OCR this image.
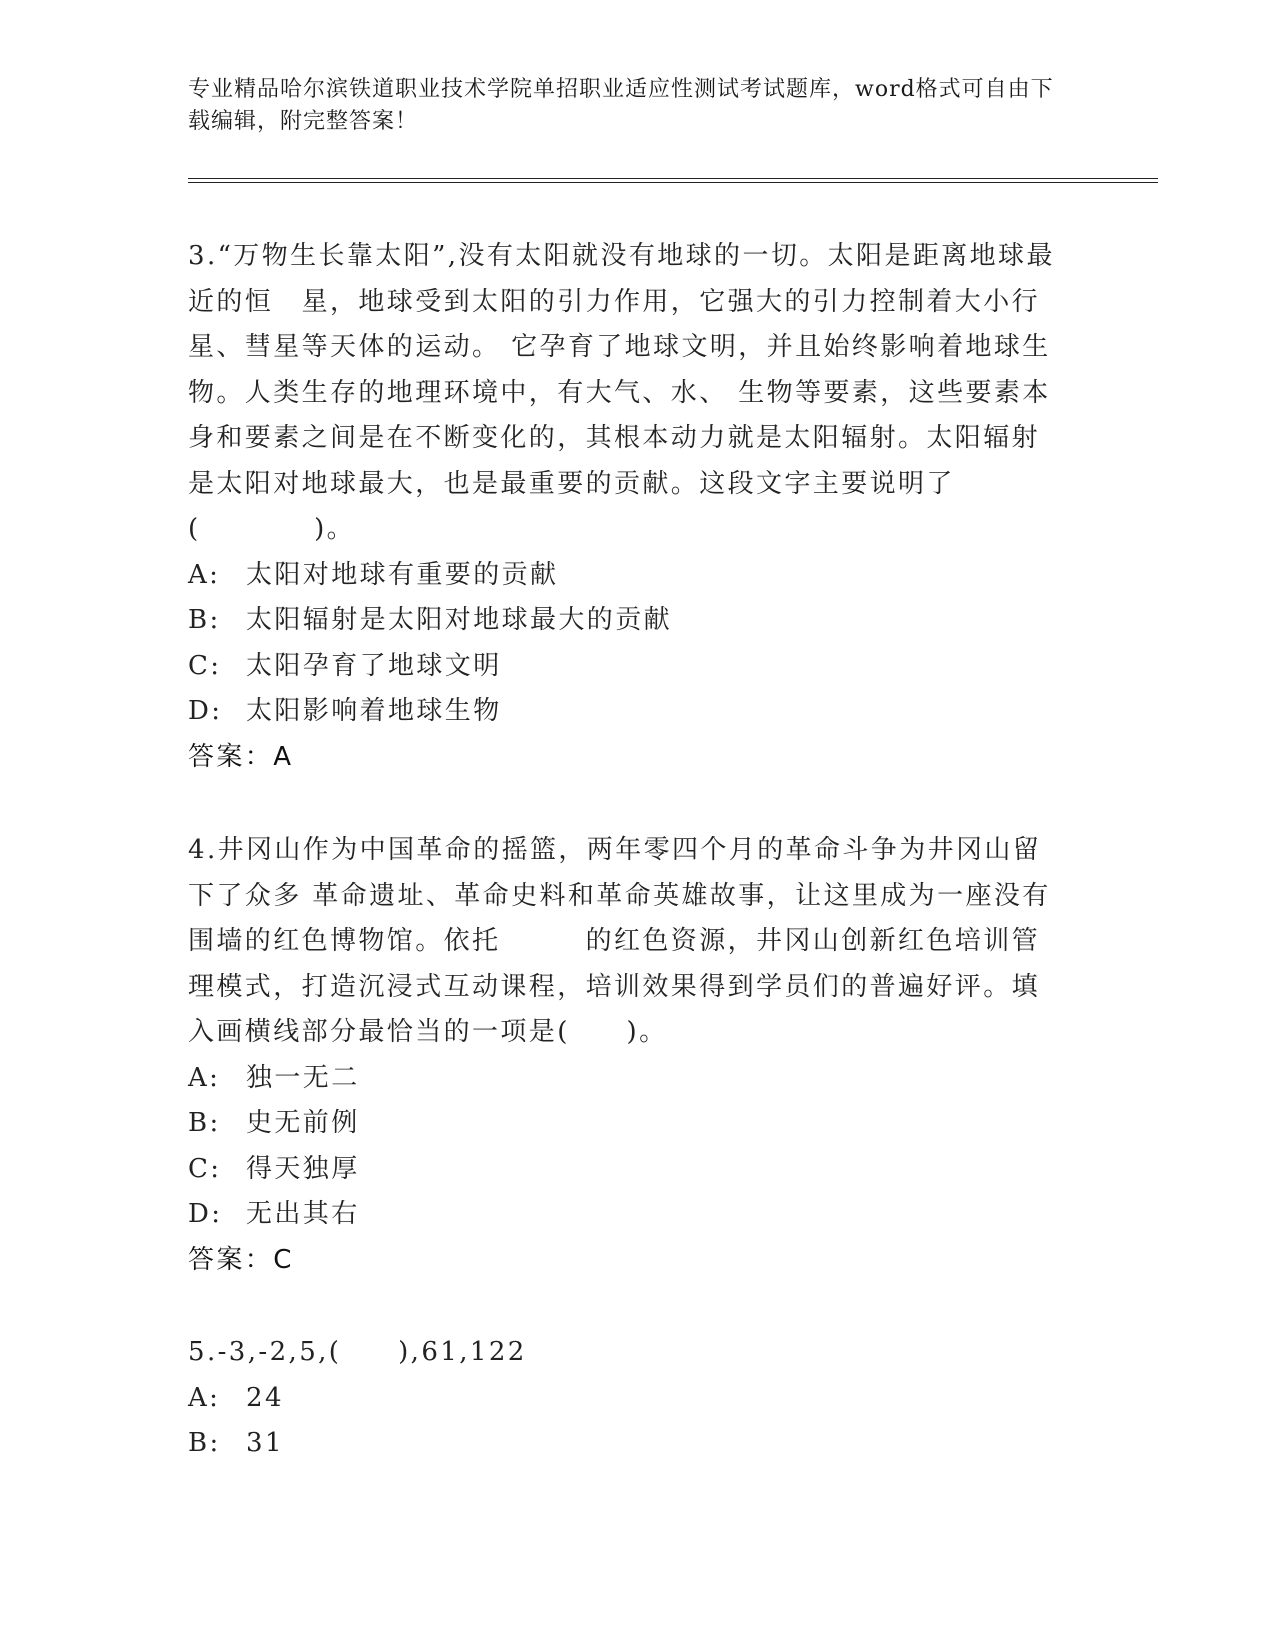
专业精品哈尔滨铁道职业技术学院单招职业适应性测试考试题库，word格式可自由下载编辑，附完整答案！

3.“万物生长靠太阳”,没有太阳就没有地球的一切。太阳是距离地球最近的恒　星，地球受到太阳的引力作用，它强大的引力控制着大小行星、彗星等天体的运动。 它孕育了地球文明，并且始终影响着地球生物。人类生存的地理环境中，有大气、水、 生物等要素，这些要素本身和要素之间是在不断变化的，其根本动力就是太阳辐射。太阳辐射是太阳对地球最大，也是最重要的贡献。这段文字主要说明了(　　　　)。

A: 太阳对地球有重要的贡献
B: 太阳辐射是太阳对地球最大的贡献
C: 太阳孕育了地球文明
D: 太阳影响着地球生物

答案：A

4.井冈山作为中国革命的摇篮，两年零四个月的革命斗争为井冈山留下了众多 革命遗址、革命史料和革命英雄故事，让这里成为一座没有围墙的红色博物馆。依托　　　的红色资源，井冈山创新红色培训管理模式，打造沉浸式互动课程，培训效果得到学员们的普遍好评。填入画横线部分最恰当的一项是(　　)。

A: 独一无二
B: 史无前例
C: 得天独厚
D: 无出其右

答案：C

5.-3,-2,5,(　　),61,122

A: 24
B: 31
